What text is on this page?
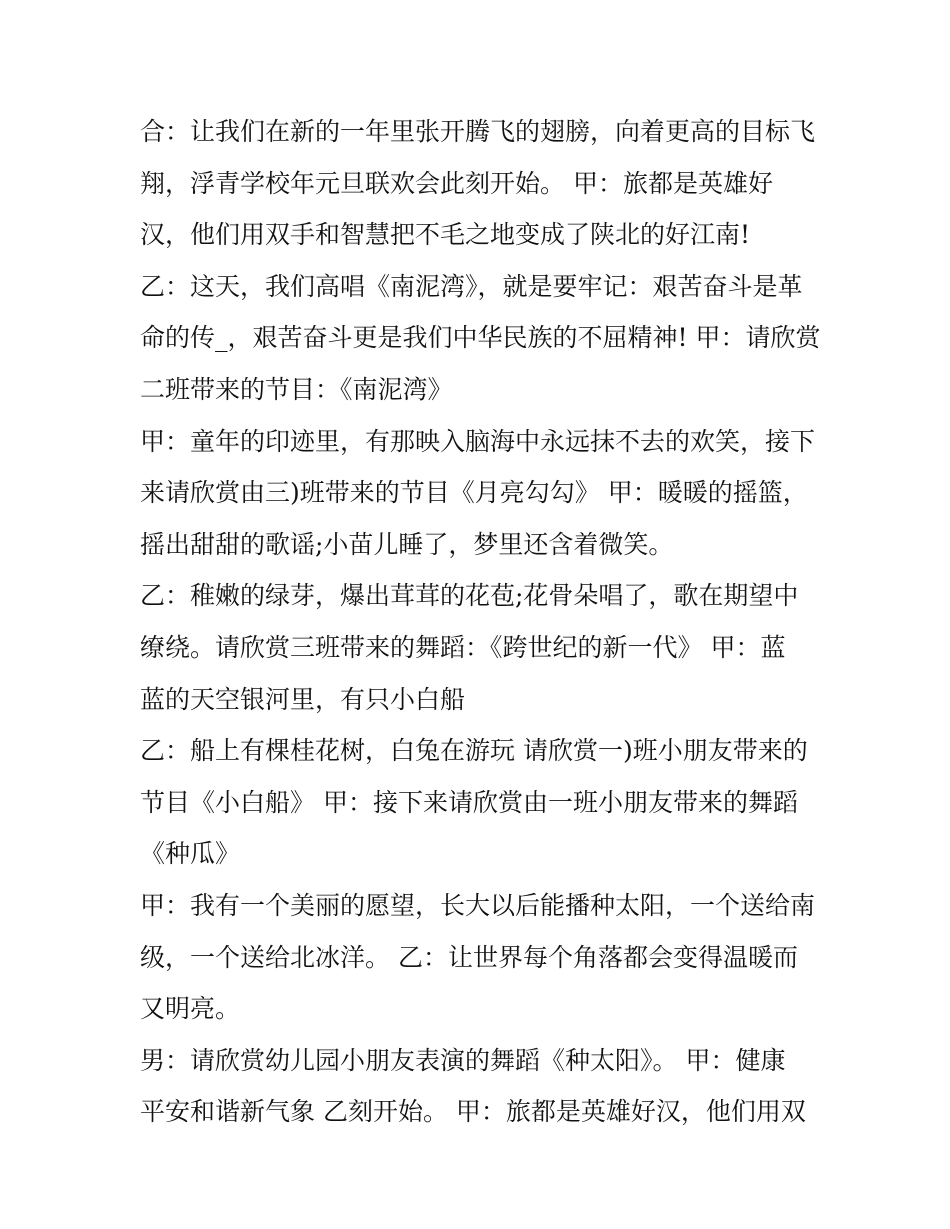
合：让我们在新的一年里张开腾飞的翅膀，向着更高的目标飞
翔，浮青学校年元旦联欢会此刻开始。 甲：旅都是英雄好
汉，他们用双手和智慧把不毛之地变成了陕北的好江南!
乙：这天，我们高唱《南泥湾》，就是要牢记：艰苦奋斗是革
命的传_，艰苦奋斗更是我们中华民族的不屈精神! 甲：请欣赏
二班带来的节目：《南泥湾》
甲：童年的印迹里，有那映入脑海中永远抹不去的欢笑，接下
来请欣赏由三)班带来的节目《月亮勾勾》 甲：暖暖的摇篮，
摇出甜甜的歌谣;小苗儿睡了，梦里还含着微笑。
乙：稚嫩的绿芽，爆出茸茸的花苞;花骨朵唱了，歌在期望中
缭绕。请欣赏三班带来的舞蹈：《跨世纪的新一代》 甲：蓝
蓝的天空银河里，有只小白船
乙：船上有棵桂花树，白兔在游玩 请欣赏一)班小朋友带来的
节目《小白船》 甲：接下来请欣赏由一班小朋友带来的舞蹈
《种瓜》
甲：我有一个美丽的愿望，长大以后能播种太阳，一个送给南
级，一个送给北冰洋。 乙：让世界每个角落都会变得温暖而
又明亮。
男：请欣赏幼儿园小朋友表演的舞蹈《种太阳》。 甲：健康
平安和谐新气象 乙刻开始。 甲：旅都是英雄好汉，他们用双
